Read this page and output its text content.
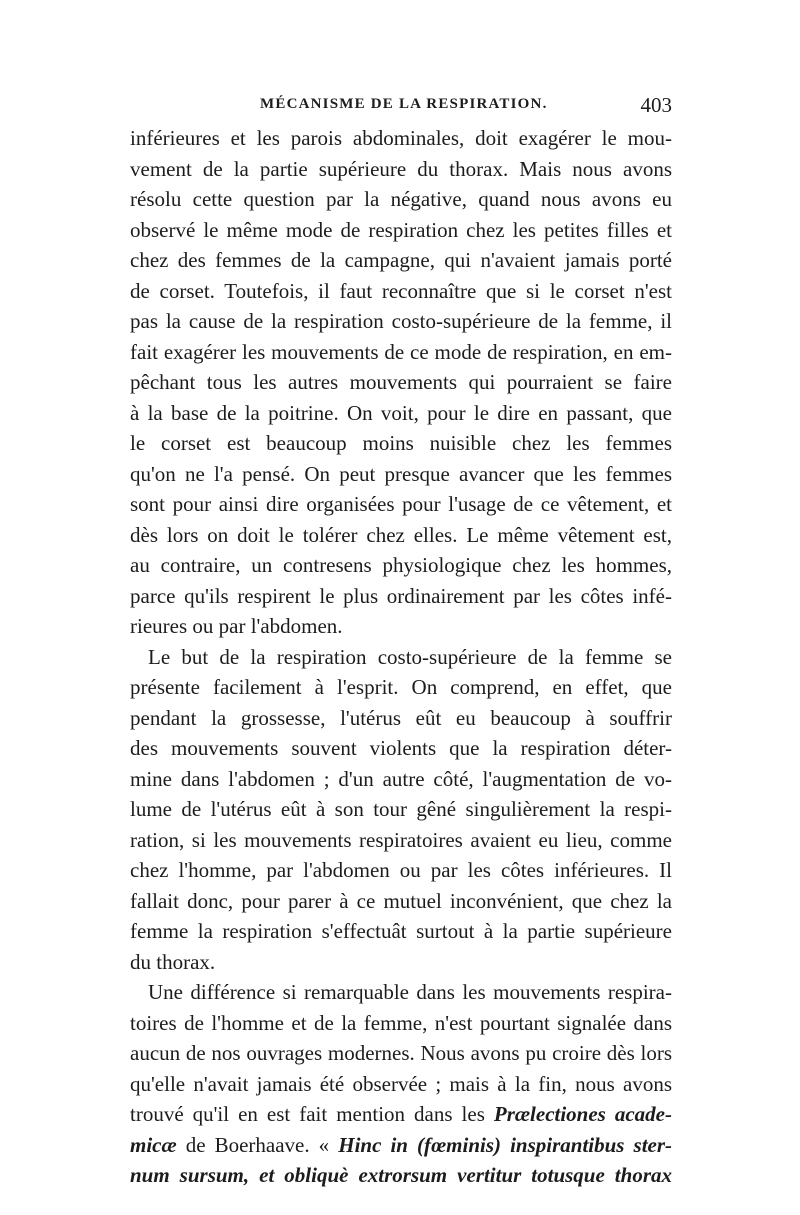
MÉCANISME DE LA RESPIRATION.	403
inférieures et les parois abdominales, doit exagérer le mou-
vement de la partie supérieure du thorax. Mais nous avons
résolu cette question par la négative, quand nous avons eu
observé le même mode de respiration chez les petites filles et
chez des femmes de la campagne, qui n'avaient jamais porté
de corset. Toutefois, il faut reconnaître que si le corset n'est
pas la cause de la respiration costo-supérieure de la femme, il
fait exagérer les mouvements de ce mode de respiration, en em-
pêchant tous les autres mouvements qui pourraient se faire
à la base de la poitrine. On voit, pour le dire en passant, que
le corset est beaucoup moins nuisible chez les femmes
qu'on ne l'a pensé. On peut presque avancer que les femmes
sont pour ainsi dire organisées pour l'usage de ce vêtement, et
dès lors on doit le tolérer chez elles. Le même vêtement est,
au contraire, un contresens physiologique chez les hommes,
parce qu'ils respirent le plus ordinairement par les côtes infé-
rieures ou par l'abdomen.
Le but de la respiration costo-supérieure de la femme se
présente facilement à l'esprit. On comprend, en effet, que
pendant la grossesse, l'utérus eût eu beaucoup à souffrir
des mouvements souvent violents que la respiration déter-
mine dans l'abdomen ; d'un autre côté, l'augmentation de vo-
lume de l'utérus eût à son tour gêné singulièrement la respi-
ration, si les mouvements respiratoires avaient eu lieu, comme
chez l'homme, par l'abdomen ou par les côtes inférieures. Il
fallait donc, pour parer à ce mutuel inconvénient, que chez la
femme la respiration s'effectuât surtout à la partie supérieure
du thorax.
Une différence si remarquable dans les mouvements respira-
toires de l'homme et de la femme, n'est pourtant signalée dans
aucun de nos ouvrages modernes. Nous avons pu croire dès lors
qu'elle n'avait jamais été observée ; mais à la fin, nous avons
trouvé qu'il en est fait mention dans les Prælectiones acade-
micæ de Boerhaave. « Hinc in (fœminis) inspirantibus ster-
num sursum, et obliquè extrorsum vertitur totusque thorax
